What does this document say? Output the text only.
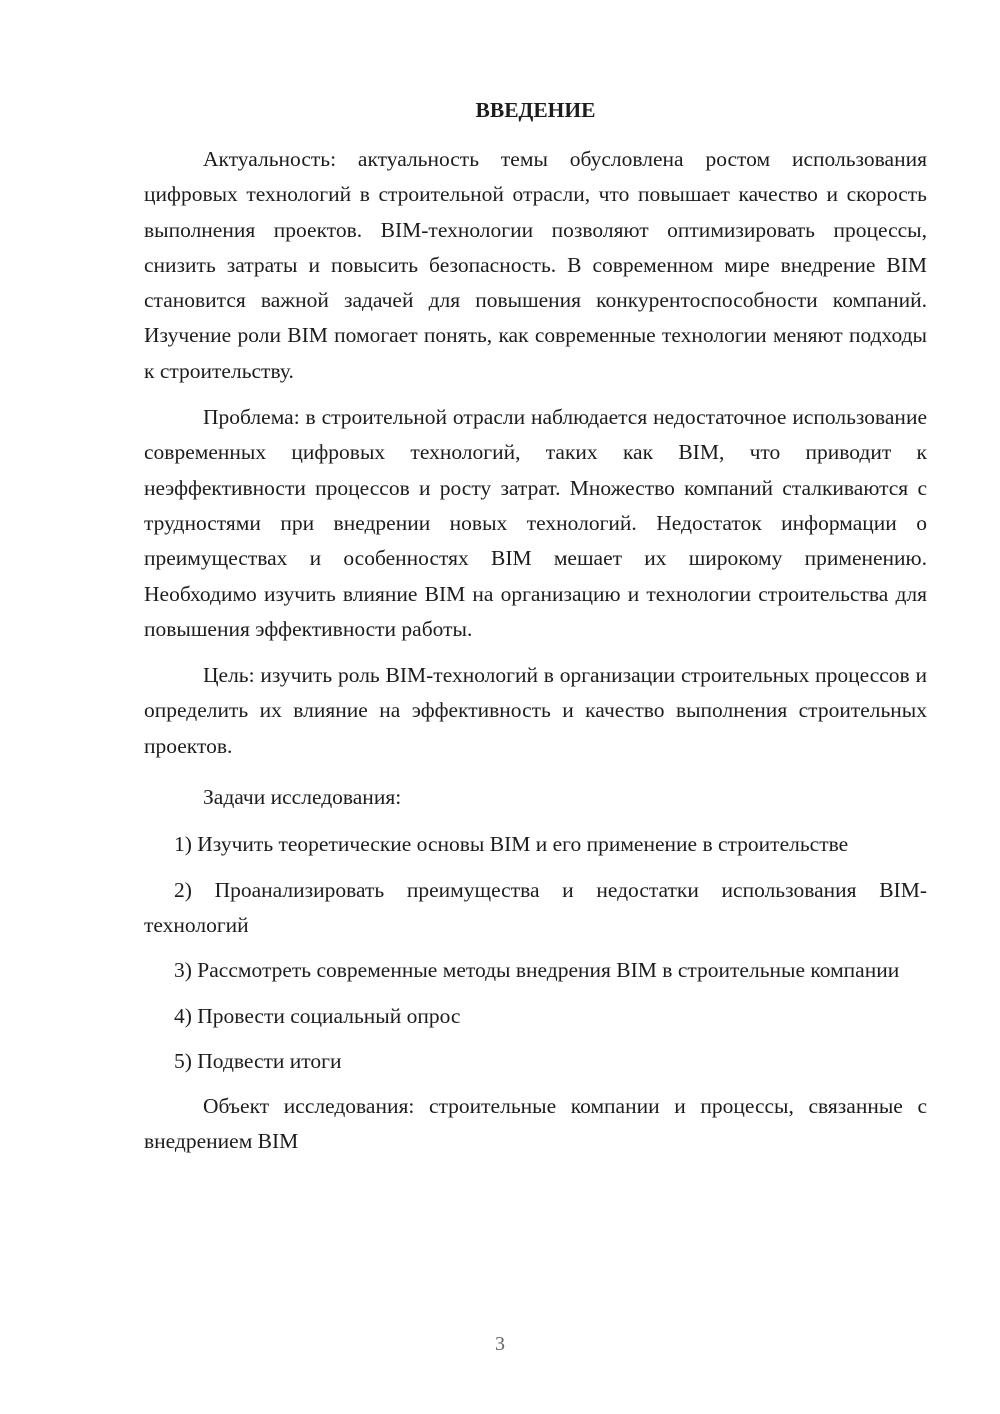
ВВЕДЕНИЕ

Актуальность: актуальность темы обусловлена ростом использования цифровых технологий в строительной отрасли, что повышает качество и скорость выполнения проектов. BIM-технологии позволяют оптимизировать процессы, снизить затраты и повысить безопасность. В современном мире внедрение BIM становится важной задачей для повышения конкурентоспособности компаний. Изучение роли BIM помогает понять, как современные технологии меняют подходы к строительству.

Проблема: в строительной отрасли наблюдается недостаточное использование современных цифровых технологий, таких как BIM, что приводит к неэффективности процессов и росту затрат. Множество компаний сталкиваются с трудностями при внедрении новых технологий. Недостаток информации о преимуществах и особенностях BIM мешает их широкому применению. Необходимо изучить влияние BIM на организацию и технологии строительства для повышения эффективности работы.

Цель: изучить роль BIM-технологий в организации строительных процессов и определить их влияние на эффективность и качество выполнения строительных проектов.

Задачи исследования:

1) Изучить теоретические основы BIM и его применение в строительстве

2) Проанализировать преимущества и недостатки использования BIM-технологий

3) Рассмотреть современные методы внедрения BIM в строительные компании

4) Провести социальный опрос

5) Подвести итоги

Объект исследования: строительные компании и процессы, связанные с внедрением BIM

3
